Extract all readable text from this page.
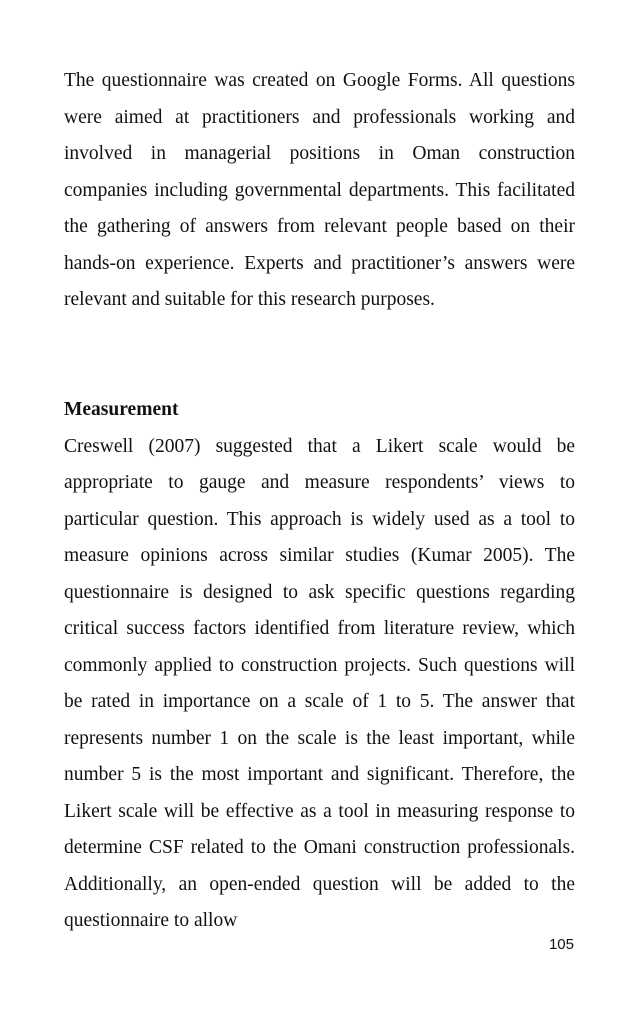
The questionnaire was created on Google Forms. All questions were aimed at practitioners and professionals working and involved in managerial positions in Oman construction companies including governmental departments. This facilitated the gathering of answers from relevant people based on their hands-on experience. Experts and practitioner’s answers were relevant and suitable for this research purposes.

Measurement

Creswell (2007) suggested that a Likert scale would be appropriate to gauge and measure respondents’ views to particular question. This approach is widely used as a tool to measure opinions across similar studies (Kumar 2005). The questionnaire is designed to ask specific questions regarding critical success factors identified from literature review, which commonly applied to construction projects. Such questions will be rated in importance on a scale of 1 to 5. The answer that represents number 1 on the scale is the least important, while number 5 is the most important and significant. Therefore, the Likert scale will be effective as a tool in measuring response to determine CSF related to the Omani construction professionals. Additionally, an open-ended question will be added to the questionnaire to allow

105
